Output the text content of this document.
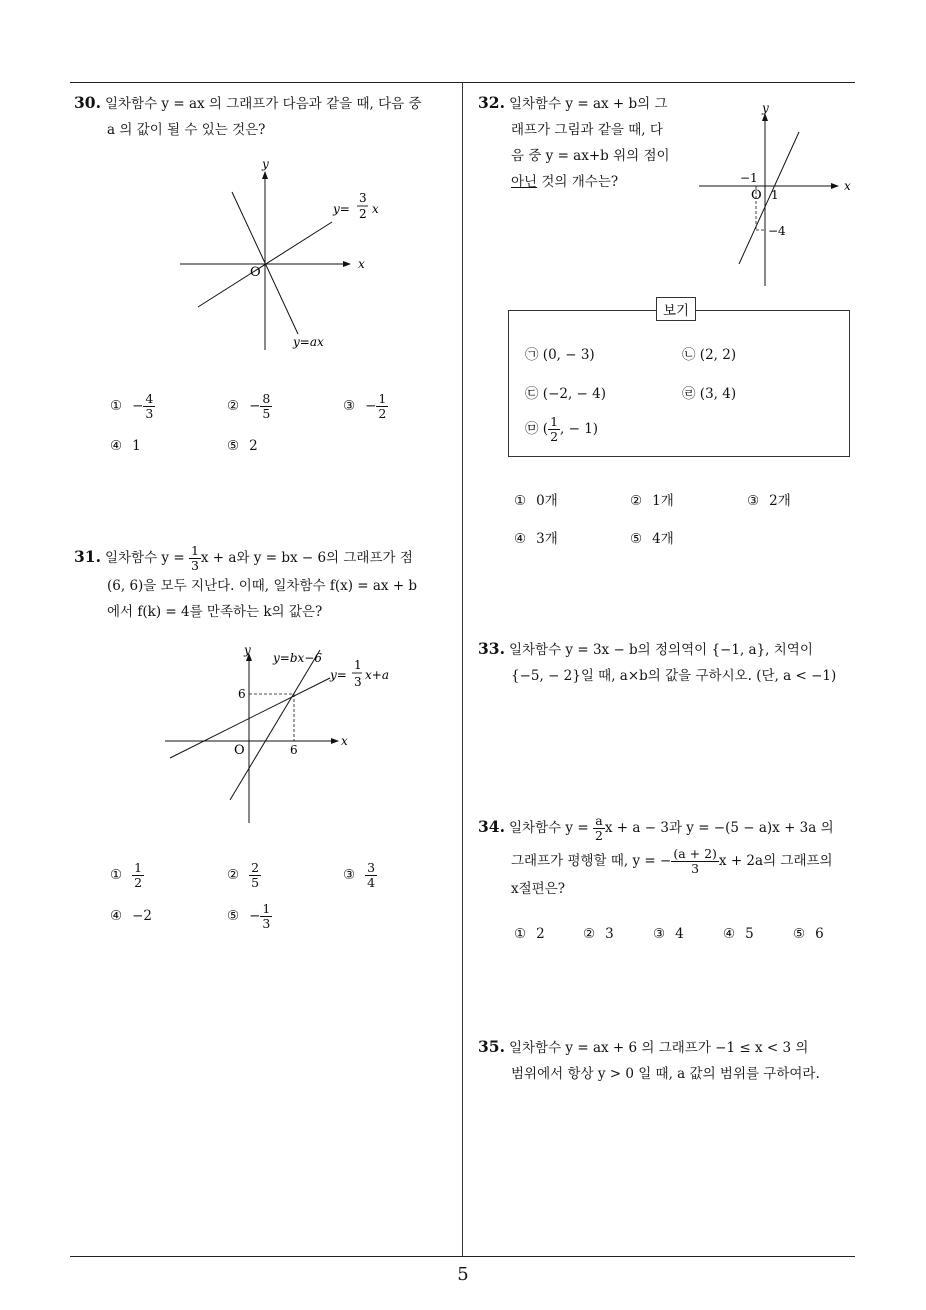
30. 일차함수 y = ax 의 그래프가 다음과 같을 때, 다음 중
a 의 값이 될 수 있는 것은?
x
y
O
y=
3
2 x
y=ax
① − $\frac{4}{3}$	② − $\frac{8}{5}$	③ − $\frac{1}{2}$
④ 1	⑤ 2
31. 일차함수 $y = \frac{1}{3}$ x + a와 y = bx − 6의 그래프가 점
(6, 6)을 모두 지난다. 이때, 일차함수 f(x) = ax + b
에서 f(k) = 4를 만족하는 k의 값은?
x
y
O	6
6
y=bx−6
y=
1
3 x+a
① $\frac{1}{2}$	② $\frac{2}{5}$	③ $\frac{3}{4}$
④ −2	⑤ − $\frac{1}{3}$
32. 일차함수 y = ax + b의 그
래프가 그림과 같을 때, 다
음 중 y = ax+b 위의 점이
아닌 것의 개수는?	x
y
O
−1
1
−4
보기
㉠ (0, − 3)	㉡ (2, 2)
㉢ (−2, − 4)	㉣ (3, 4)
㉤ ( $\frac{1}{2}$ , − 1)
① 0개	② 1개	③ 2개
④ 3개	⑤ 4개
33. 일차함수 y = 3x − b의 정의역이 {−1, a}, 치역이
{−5, − 2}일 때, a×b의 값을 구하시오. (단, a < −1)
34. 일차함수 $y = \frac{a}{2}$ x + a − 3과 y = −(5 − a)x + 3a 의
그래프가 평행할 때, y = − $\frac{(a + 2)}{3}$ x + 2a의 그래프의
x절편은?
① 2	② 3	③ 4	④ 5	⑤ 6
35. 일차함수 y = ax + 6 의 그래프가 −1 ≤ x < 3 의
범위에서 항상 y > 0 일 때, a 값의 범위를 구하여라.
5
